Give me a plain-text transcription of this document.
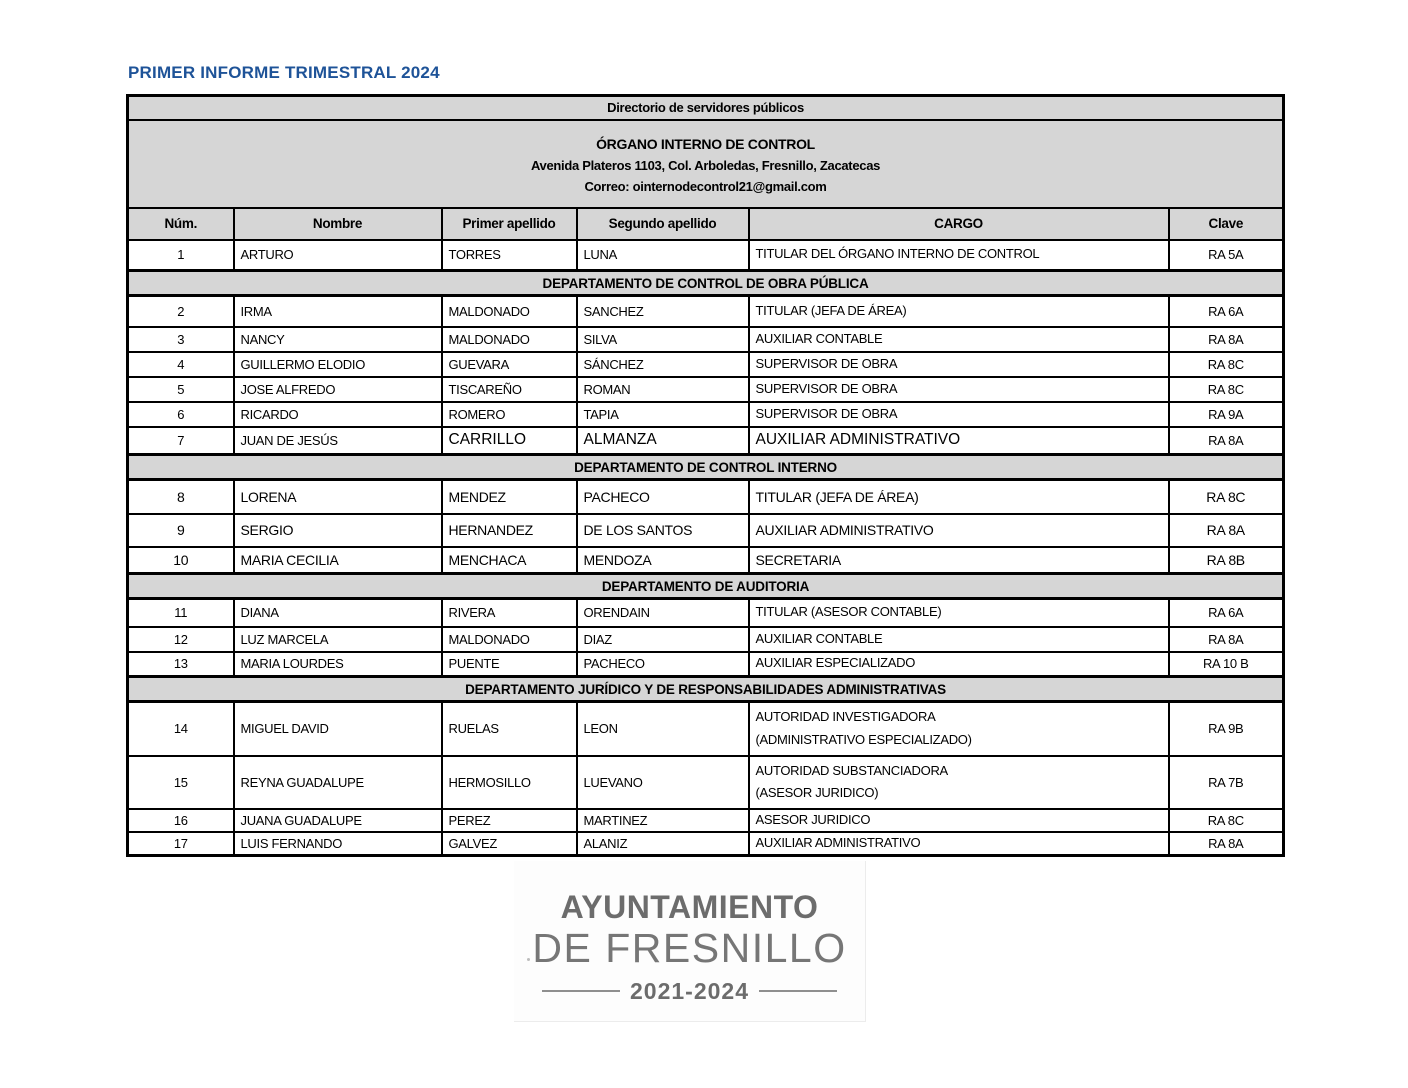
PRIMER INFORME TRIMESTRAL 2024
Directorio de servidores públicos					

ÓRGANO INTERNO DE CONTROL
Avenida Plateros 1103, Col. Arboledas, Fresnillo, Zacatecas
Correo: ointernodecontrol21@gmail.com					

Núm.	Nombre	Primer apellido	Segundo apellido	CARGO	Clave
1	ARTURO	TORRES	LUNA	TITULAR DEL ÓRGANO INTERNO DE CONTROL	RA 5A
DEPARTAMENTO DE CONTROL DE OBRA PÚBLICA					
2	IRMA	MALDONADO	SANCHEZ	TITULAR (JEFA DE ÁREA)	RA 6A
3	NANCY	MALDONADO	SILVA	AUXILIAR CONTABLE	RA 8A
4	GUILLERMO ELODIO	GUEVARA	SÁNCHEZ	SUPERVISOR DE OBRA	RA 8C
5	JOSE ALFREDO	TISCAREÑO	ROMAN	SUPERVISOR DE OBRA	RA 8C
6	RICARDO	ROMERO	TAPIA	SUPERVISOR DE OBRA	RA 9A
7	JUAN DE JESÚS	CARRILLO	ALMANZA	AUXILIAR ADMINISTRATIVO	RA 8A
DEPARTAMENTO DE CONTROL INTERNO					
8	LORENA	MENDEZ	PACHECO	TITULAR (JEFA DE ÁREA)	RA 8C
9	SERGIO	HERNANDEZ	DE LOS SANTOS	AUXILIAR ADMINISTRATIVO	RA 8A
10	MARIA CECILIA	MENCHACA	MENDOZA	SECRETARIA	RA 8B
DEPARTAMENTO DE AUDITORIA					
11	DIANA	RIVERA	ORENDAIN	TITULAR (ASESOR CONTABLE)	RA 6A
12	LUZ MARCELA	MALDONADO	DIAZ	AUXILIAR CONTABLE	RA 8A
13	MARIA LOURDES	PUENTE	PACHECO	AUXILIAR ESPECIALIZADO	RA 10 B
DEPARTAMENTO JURÍDICO Y DE RESPONSABILIDADES ADMINISTRATIVAS					
14	MIGUEL DAVID	RUELAS	LEON	AUTORIDAD INVESTIGADORA
(ADMINISTRATIVO ESPECIALIZADO)	RA 9B
15	REYNA GUADALUPE	HERMOSILLO	LUEVANO	AUTORIDAD SUBSTANCIADORA
(ASESOR JURIDICO)	RA 7B
16	JUANA GUADALUPE	PEREZ	MARTINEZ	ASESOR JURIDICO	RA 8C
17	LUIS FERNANDO	GALVEZ	ALANIZ	AUXILIAR ADMINISTRATIVO	RA 8A
AYUNTAMIENTO
DE FRESNILLO
2021-2024
